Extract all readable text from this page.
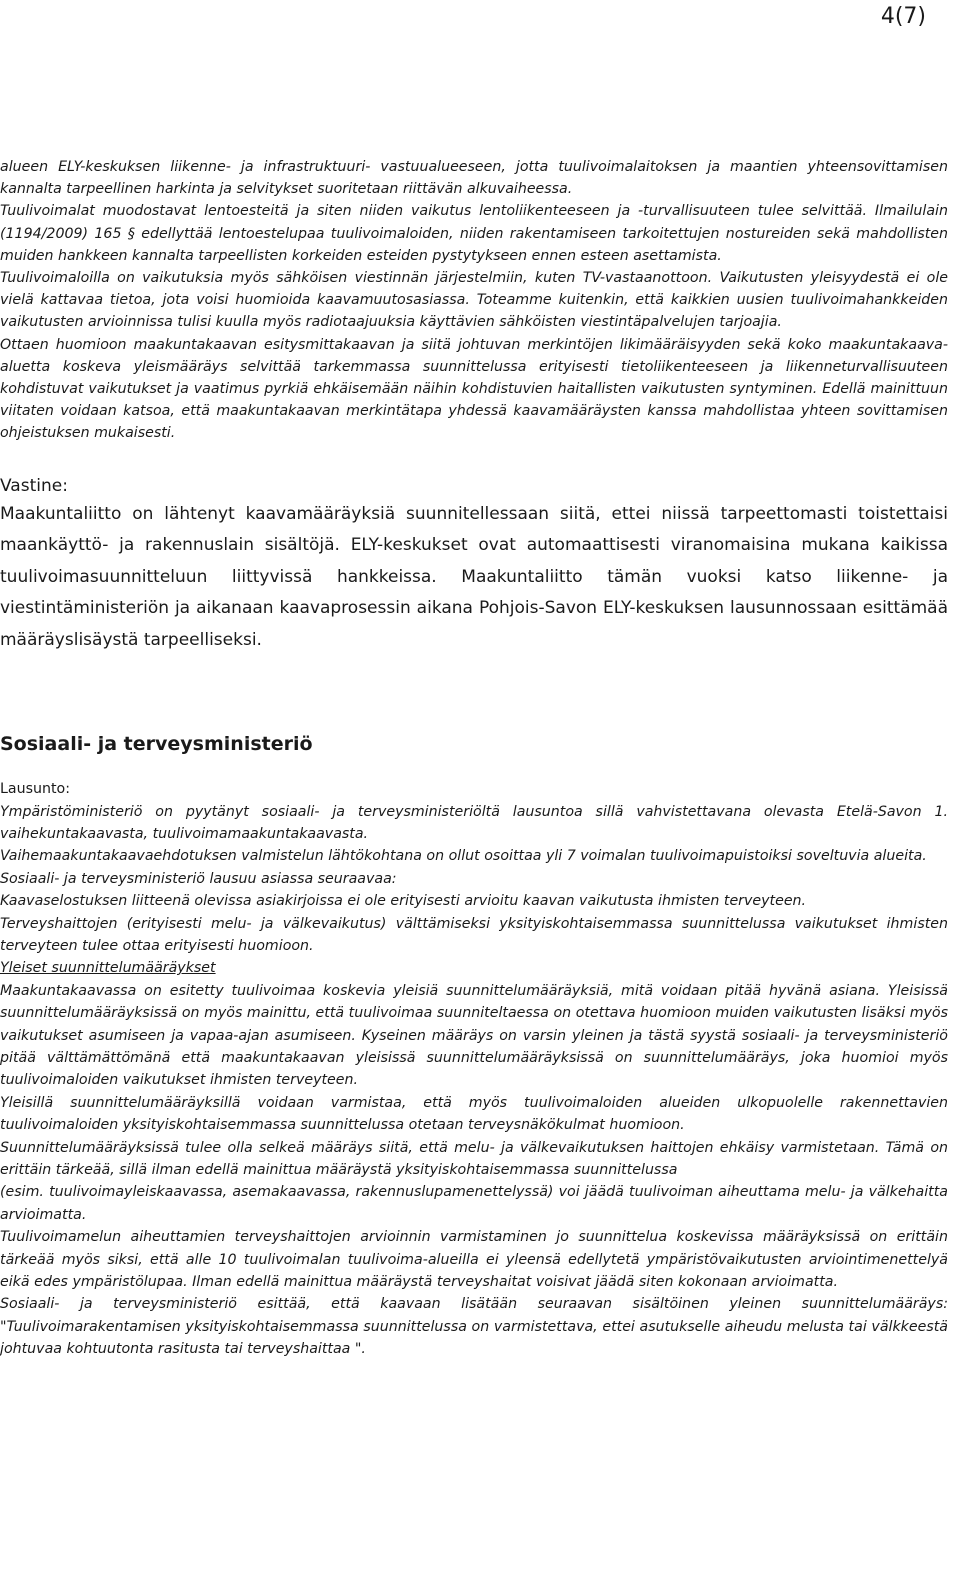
4(7)

alueen ELY-keskuksen liikenne- ja infrastruktuuri- vastuualueeseen, jotta tuulivoimalaitoksen ja maantien yhteensovittamisen kannalta tarpeellinen harkinta ja selvitykset suoritetaan riittävän alkuvaiheessa.

Tuulivoimalat muodostavat lentoesteitä ja siten niiden vaikutus lentoliikenteeseen ja -turvallisuuteen tulee selvittää. Ilmailulain (1194/2009) 165 § edellyttää lentoestelupaa tuulivoimaloiden, niiden rakentamiseen tarkoitettujen nostureiden sekä mahdollisten muiden hankkeen kannalta tarpeellisten korkeiden esteiden pystytykseen ennen esteen asettamista.

Tuulivoimaloilla on vaikutuksia myös sähköisen viestinnän järjestelmiin, kuten TV-vastaanottoon. Vaikutusten yleisyydestä ei ole vielä kattavaa tietoa, jota voisi huomioida kaavamuutosasiassa. Toteamme kuitenkin, että kaikkien uusien tuulivoimahankkeiden vaikutusten arvioinnissa tulisi kuulla myös radiotaajuuksia käyttävien sähköisten viestintäpalvelujen tarjoajia.

Ottaen huomioon maakuntakaavan esitysmittakaavan ja siitä johtuvan merkintöjen likimääräisyyden sekä koko maakuntakaava-aluetta koskeva yleismääräys selvittää tarkemmassa suunnittelussa erityisesti tietoliikenteeseen ja liikenneturvallisuuteen kohdistuvat vaikutukset ja vaatimus pyrkiä ehkäisemään näihin kohdistuvien haitallisten vaikutusten syntyminen. Edellä mainittuun viitaten voidaan katsoa, että maakuntakaavan merkintätapa yhdessä kaavamääräysten kanssa mahdollistaa yhteen sovittamisen ohjeistuksen mukaisesti.

Vastine:

Maakuntaliitto on lähtenyt kaavamääräyksiä suunnitellessaan siitä, ettei niissä tarpeettomasti toistettaisi maankäyttö- ja rakennuslain sisältöjä. ELY-keskukset ovat automaattisesti viranomaisina mukana kaikissa tuulivoimasuunnitteluun liittyvissä hankkeissa. Maakuntaliitto tämän vuoksi katso liikenne- ja viestintäministeriön ja aikanaan kaavaprosessin aikana Pohjois-Savon ELY-keskuksen lausunnossaan esittämää määräyslisäystä tarpeelliseksi.

Sosiaali- ja terveysministeriö

Lausunto:

Ympäristöministeriö on pyytänyt sosiaali- ja terveysministeriöltä lausuntoa sillä vahvistettavana olevasta Etelä-Savon 1. vaihekuntakaavasta, tuulivoimamaakuntakaavasta.

Vaihemaakuntakaavaehdotuksen valmistelun lähtökohtana on ollut osoittaa yli 7 voimalan tuulivoimapuistoiksi soveltuvia alueita.

Sosiaali- ja terveysministeriö lausuu asiassa seuraavaa:

Kaavaselostuksen liitteenä olevissa asiakirjoissa ei ole erityisesti arvioitu kaavan vaikutusta ihmisten terveyteen.

Terveyshaittojen (erityisesti melu- ja välkevaikutus) välttämiseksi yksityiskohtaisemmassa suunnittelussa vaikutukset ihmisten terveyteen tulee ottaa erityisesti huomioon.

Yleiset suunnittelumääräykset

Maakuntakaavassa on esitetty tuulivoimaa koskevia yleisiä suunnittelumääräyksiä, mitä voidaan pitää hyvänä asiana. Yleisissä suunnittelumääräyksissä on myös mainittu, että tuulivoimaa suunniteltaessa on otettava huomioon muiden vaikutusten lisäksi myös vaikutukset asumiseen ja vapaa-ajan asumiseen. Kyseinen määräys on varsin yleinen ja tästä syystä sosiaali- ja terveysministeriö pitää välttämättömänä että maakuntakaavan yleisissä suunnittelumääräyksissä on suunnittelumääräys, joka huomioi myös tuulivoimaloiden vaikutukset ihmisten terveyteen.

Yleisillä suunnittelumääräyksillä voidaan varmistaa, että myös tuulivoimaloiden alueiden ulkopuolelle rakennettavien tuulivoimaloiden yksityiskohtaisemmassa suunnittelussa otetaan terveysnäkökulmat huomioon.

Suunnittelumääräyksissä tulee olla selkeä määräys siitä, että melu- ja välkevaikutuksen haittojen ehkäisy varmistetaan. Tämä on erittäin tärkeää, sillä ilman edellä mainittua määräystä yksityiskohtaisemmassa suunnittelussa

(esim. tuulivoimayleiskaavassa, asemakaavassa, rakennuslupamenettelyssä) voi jäädä tuulivoiman aiheuttama melu- ja välkehaitta arvioimatta.

Tuulivoimamelun aiheuttamien terveyshaittojen arvioinnin varmistaminen jo suunnittelua koskevissa määräyksissä on erittäin tärkeää myös siksi, että alle 10 tuulivoimalan tuulivoima-alueilla ei yleensä edellytetä ympäristövaikutusten arviointimenettelyä eikä edes ympäristölupaa. Ilman edellä mainittua määräystä terveyshaitat voisivat jäädä siten kokonaan arvioimatta.

Sosiaali- ja terveysministeriö esittää, että kaavaan lisätään seuraavan sisältöinen yleinen suunnittelumääräys: "Tuulivoimarakentamisen yksityiskohtaisemmassa suunnittelussa on varmistettava, ettei asutukselle aiheudu melusta tai välkkeestä johtuvaa kohtuutonta rasitusta tai terveyshaittaa ".
